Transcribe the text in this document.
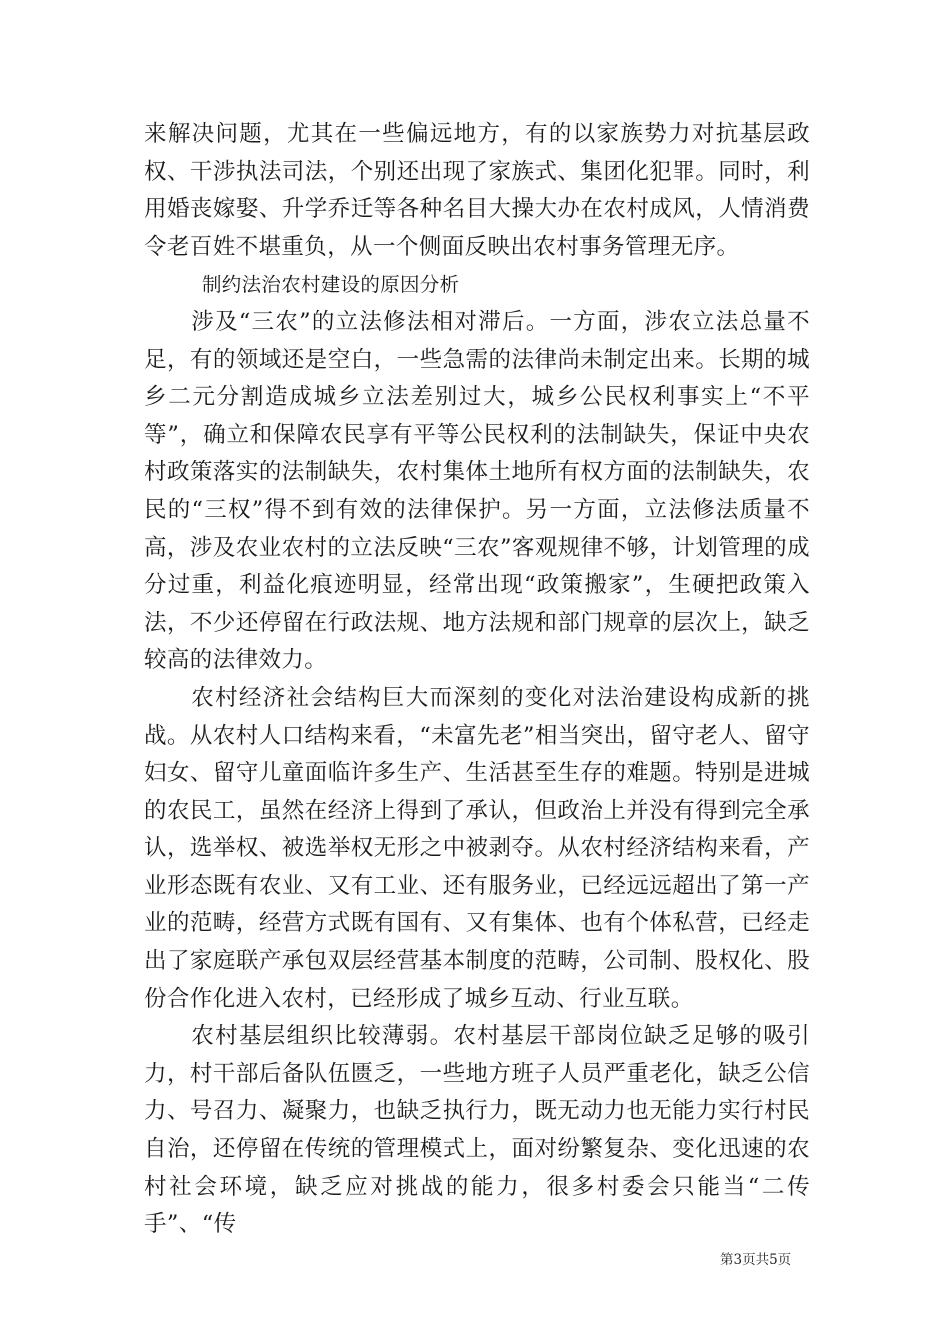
来解决问题，尤其在一些偏远地方，有的以家族势力对抗基层政权、干涉执法司法，个别还出现了家族式、集团化犯罪。同时，利用婚丧嫁娶、升学乔迁等各种名目大操大办在农村成风，人情消费令老百姓不堪重负，从一个侧面反映出农村事务管理无序。

制约法治农村建设的原因分析

涉及“三农”的立法修法相对滞后。一方面，涉农立法总量不足，有的领域还是空白，一些急需的法律尚未制定出来。长期的城乡二元分割造成城乡立法差别过大，城乡公民权利事实上“不平等”，确立和保障农民享有平等公民权利的法制缺失，保证中央农村政策落实的法制缺失，农村集体土地所有权方面的法制缺失，农民的“三权”得不到有效的法律保护。另一方面，立法修法质量不高，涉及农业农村的立法反映“三农”客观规律不够，计划管理的成分过重，利益化痕迹明显，经常出现“政策搬家”，生硬把政策入法，不少还停留在行政法规、地方法规和部门规章的层次上，缺乏较高的法律效力。

农村经济社会结构巨大而深刻的变化对法治建设构成新的挑战。从农村人口结构来看，“未富先老”相当突出，留守老人、留守妇女、留守儿童面临许多生产、生活甚至生存的难题。特别是进城的农民工，虽然在经济上得到了承认，但政治上并没有得到完全承认，选举权、被选举权无形之中被剥夺。从农村经济结构来看，产业形态既有农业、又有工业、还有服务业，已经远远超出了第一产业的范畴，经营方式既有国有、又有集体、也有个体私营，已经走出了家庭联产承包双层经营基本制度的范畴，公司制、股权化、股份合作化进入农村，已经形成了城乡互动、行业互联。

农村基层组织比较薄弱。农村基层干部岗位缺乏足够的吸引力，村干部后备队伍匮乏，一些地方班子人员严重老化，缺乏公信力、号召力、凝聚力，也缺乏执行力，既无动力也无能力实行村民自治，还停留在传统的管理模式上，面对纷繁复杂、变化迅速的农村社会环境，缺乏应对挑战的能力，很多村委会只能当“二传手”、“传

第3页共5页
